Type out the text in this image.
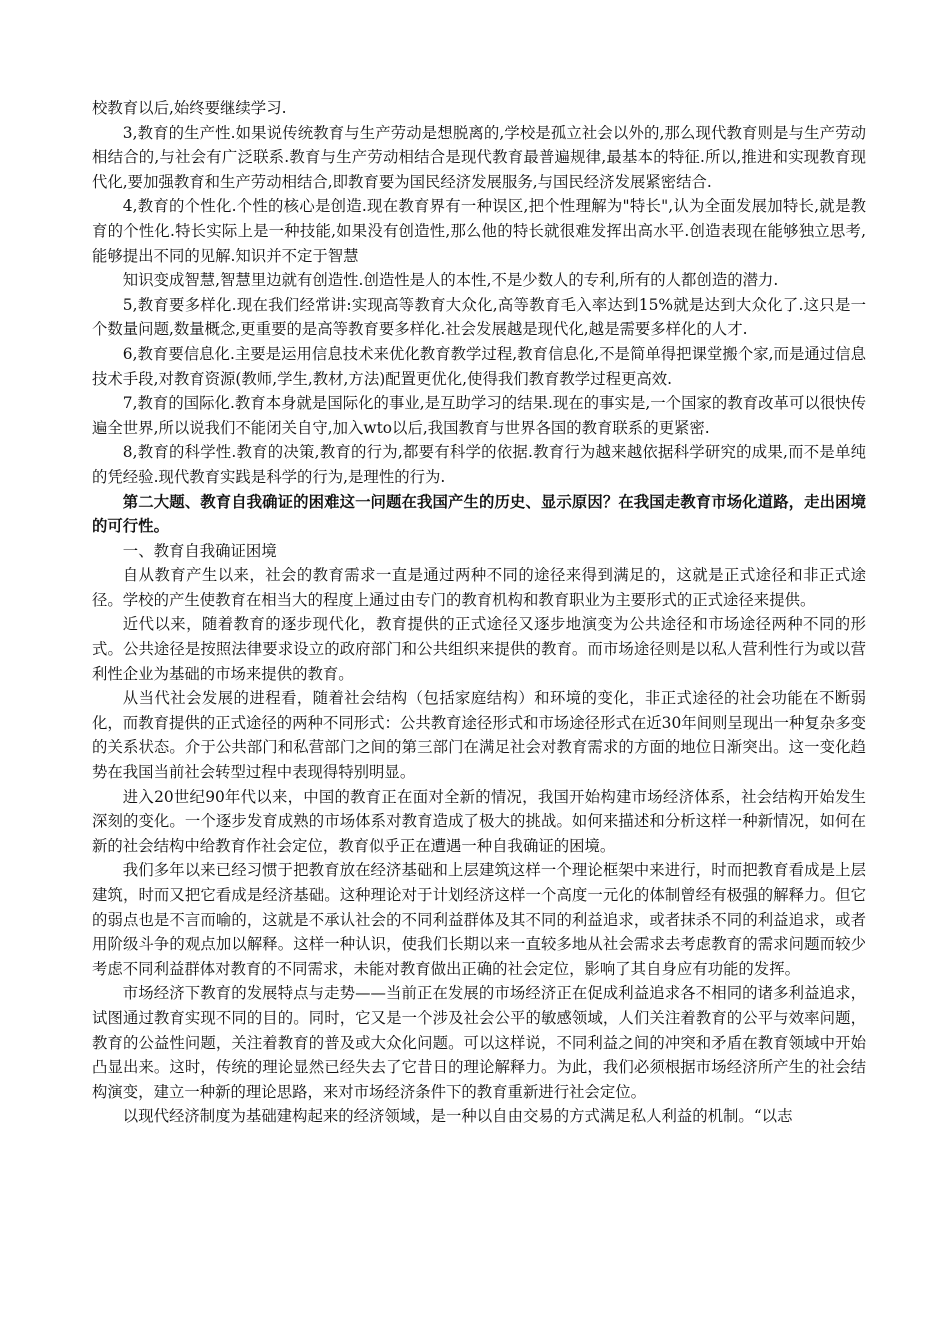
校教育以后,始终要继续学习.

3,教育的生产性.如果说传统教育与生产劳动是想脱离的,学校是孤立社会以外的,那么现代教育则是与生产劳动相结合的,与社会有广泛联系.教育与生产劳动相结合是现代教育最普遍规律,最基本的特征.所以,推进和实现教育现代化,要加强教育和生产劳动相结合,即教育要为国民经济发展服务,与国民经济发展紧密结合.

4,教育的个性化.个性的核心是创造.现在教育界有一种误区,把个性理解为"特长",认为全面发展加特长,就是教育的个性化.特长实际上是一种技能,如果没有创造性,那么他的特长就很难发挥出高水平.创造表现在能够独立思考,能够提出不同的见解.知识并不定于智慧

知识变成智慧,智慧里边就有创造性.创造性是人的本性,不是少数人的专利,所有的人都创造的潜力.

5,教育要多样化.现在我们经常讲:实现高等教育大众化,高等教育毛入率达到15%就是达到大众化了.这只是一个数量问题,数量概念,更重要的是高等教育要多样化.社会发展越是现代化,越是需要多样化的人才.

6,教育要信息化.主要是运用信息技术来优化教育教学过程,教育信息化,不是简单得把课堂搬个家,而是通过信息技术手段,对教育资源(教师,学生,教材,方法)配置更优化,使得我们教育教学过程更高效.

7,教育的国际化.教育本身就是国际化的事业,是互助学习的结果.现在的事实是,一个国家的教育改革可以很快传遍全世界,所以说我们不能闭关自守,加入wto以后,我国教育与世界各国的教育联系的更紧密.

8,教育的科学性.教育的决策,教育的行为,都要有科学的依据.教育行为越来越依据科学研究的成果,而不是单纯的凭经验.现代教育实践是科学的行为,是理性的行为.

第二大题、教育自我确证的困难这一问题在我国产生的历史、显示原因？在我国走教育市场化道路，走出困境的可行性。

一、教育自我确证困境

自从教育产生以来，社会的教育需求一直是通过两种不同的途径来得到满足的，这就是正式途径和非正式途径。学校的产生使教育在相当大的程度上通过由专门的教育机构和教育职业为主要形式的正式途径来提供。

近代以来，随着教育的逐步现代化，教育提供的正式途径又逐步地演变为公共途径和市场途径两种不同的形式。公共途径是按照法律要求设立的政府部门和公共组织来提供的教育。而市场途径则是以私人营利性行为或以营利性企业为基础的市场来提供的教育。

从当代社会发展的进程看，随着社会结构（包括家庭结构）和环境的变化，非正式途径的社会功能在不断弱化，而教育提供的正式途径的两种不同形式：公共教育途径形式和市场途径形式在近30年间则呈现出一种复杂多变的关系状态。介于公共部门和私营部门之间的第三部门在满足社会对教育需求的方面的地位日渐突出。这一变化趋势在我国当前社会转型过程中表现得特别明显。

进入20世纪90年代以来，中国的教育正在面对全新的情况，我国开始构建市场经济体系，社会结构开始发生深刻的变化。一个逐步发育成熟的市场体系对教育造成了极大的挑战。如何来描述和分析这样一种新情况，如何在新的社会结构中给教育作社会定位，教育似乎正在遭遇一种自我确证的困境。

我们多年以来已经习惯于把教育放在经济基础和上层建筑这样一个理论框架中来进行，时而把教育看成是上层建筑，时而又把它看成是经济基础。这种理论对于计划经济这样一个高度一元化的体制曾经有极强的解释力。但它的弱点也是不言而喻的，这就是不承认社会的不同利益群体及其不同的利益追求，或者抹杀不同的利益追求，或者用阶级斗争的观点加以解释。这样一种认识，使我们长期以来一直较多地从社会需求去考虑教育的需求问题而较少考虑不同利益群体对教育的不同需求，未能对教育做出正确的社会定位，影响了其自身应有功能的发挥。

市场经济下教育的发展特点与走势——当前正在发展的市场经济正在促成利益追求各不相同的诸多利益追求，试图通过教育实现不同的目的。同时，它又是一个涉及社会公平的敏感领域，人们关注着教育的公平与效率问题，教育的公益性问题，关注着教育的普及或大众化问题。可以这样说，不同利益之间的冲突和矛盾在教育领域中开始凸显出来。这时，传统的理论显然已经失去了它昔日的理论解释力。为此，我们必须根据市场经济所产生的社会结构演变，建立一种新的理论思路，来对市场经济条件下的教育重新进行社会定位。

以现代经济制度为基础建构起来的经济领域，是一种以自由交易的方式满足私人利益的机制。“以志
